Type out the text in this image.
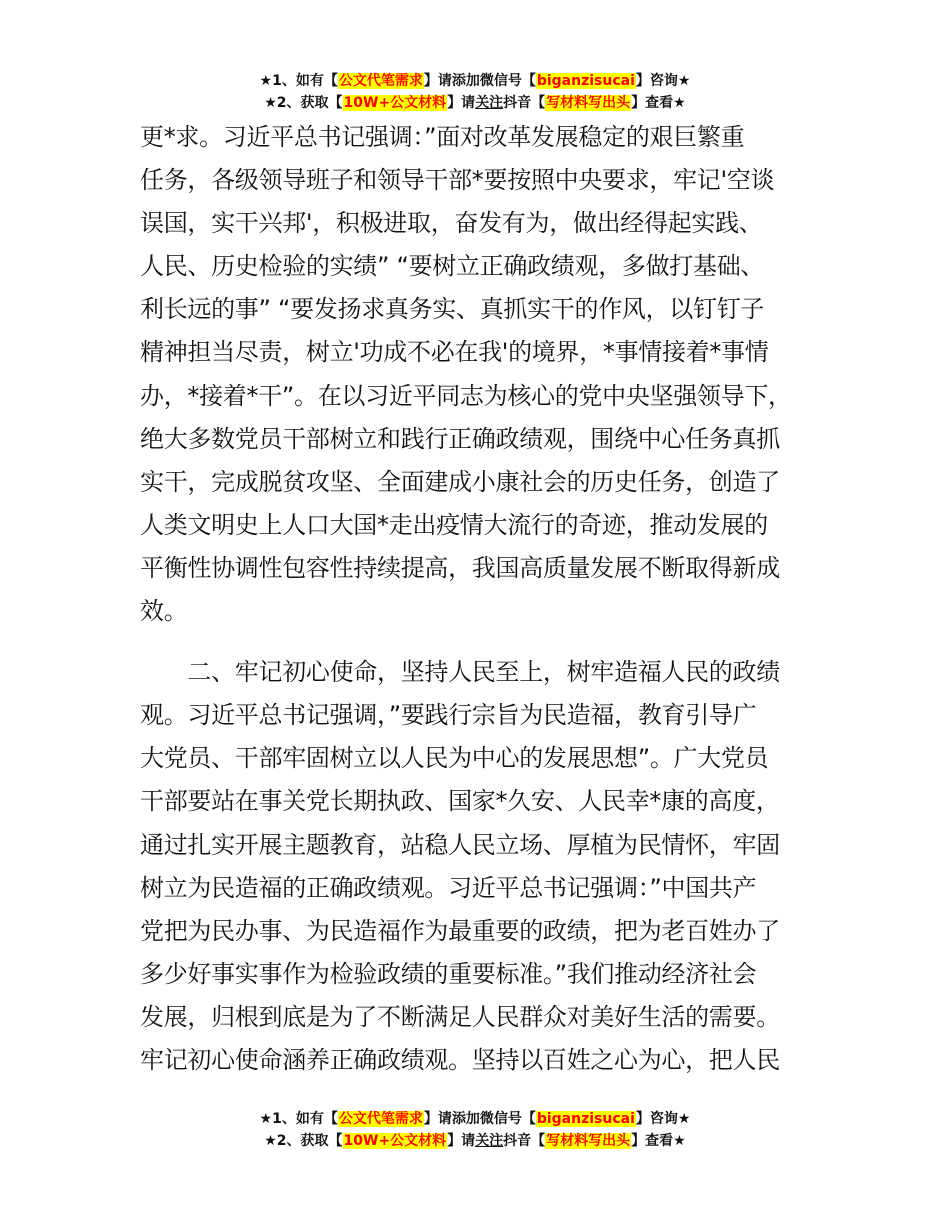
★1、如有【公文代笔需求】请添加微信号【biganzisucai】咨询★
★2、获取【10W+公文材料】请关注抖音【写材料写出头】查看★
更*求。习近平总书记强调：”面对改革发展稳定的艰巨繁重
任务，各级领导班子和领导干部*要按照中央要求，牢记'空谈
误国，实干兴邦'，积极进取，奋发有为，做出经得起实践、
人民、历史检验的实绩” “要树立正确政绩观，多做打基础、
利长远的事” “要发扬求真务实、真抓实干的作风，以钉钉子
精神担当尽责，树立'功成不必在我'的境界，*事情接着*事情
办，*接着*干”。在以习近平同志为核心的党中央坚强领导下，
绝大多数党员干部树立和践行正确政绩观，围绕中心任务真抓
实干，完成脱贫攻坚、全面建成小康社会的历史任务，创造了
人类文明史上人口大国*走出疫情大流行的奇迹，推动发展的
平衡性协调性包容性持续提高，我国高质量发展不断取得新成
效。
　　二、牢记初心使命，坚持人民至上，树牢造福人民的政绩
观。习近平总书记强调，”要践行宗旨为民造福，教育引导广
大党员、干部牢固树立以人民为中心的发展思想”。广大党员
干部要站在事关党长期执政、国家*久安、人民幸*康的高度，
通过扎实开展主题教育，站稳人民立场、厚植为民情怀，牢固
树立为民造福的正确政绩观。习近平总书记强调：”中国共产
党把为民办事、为民造福作为最重要的政绩，把为老百姓办了
多少好事实事作为检验政绩的重要标准。”我们推动经济社会
发展，归根到底是为了不断满足人民群众对美好生活的需要。
牢记初心使命涵养正确政绩观。坚持以百姓之心为心，把人民
★1、如有【公文代笔需求】请添加微信号【biganzisucai】咨询★
★2、获取【10W+公文材料】请关注抖音【写材料写出头】查看★
